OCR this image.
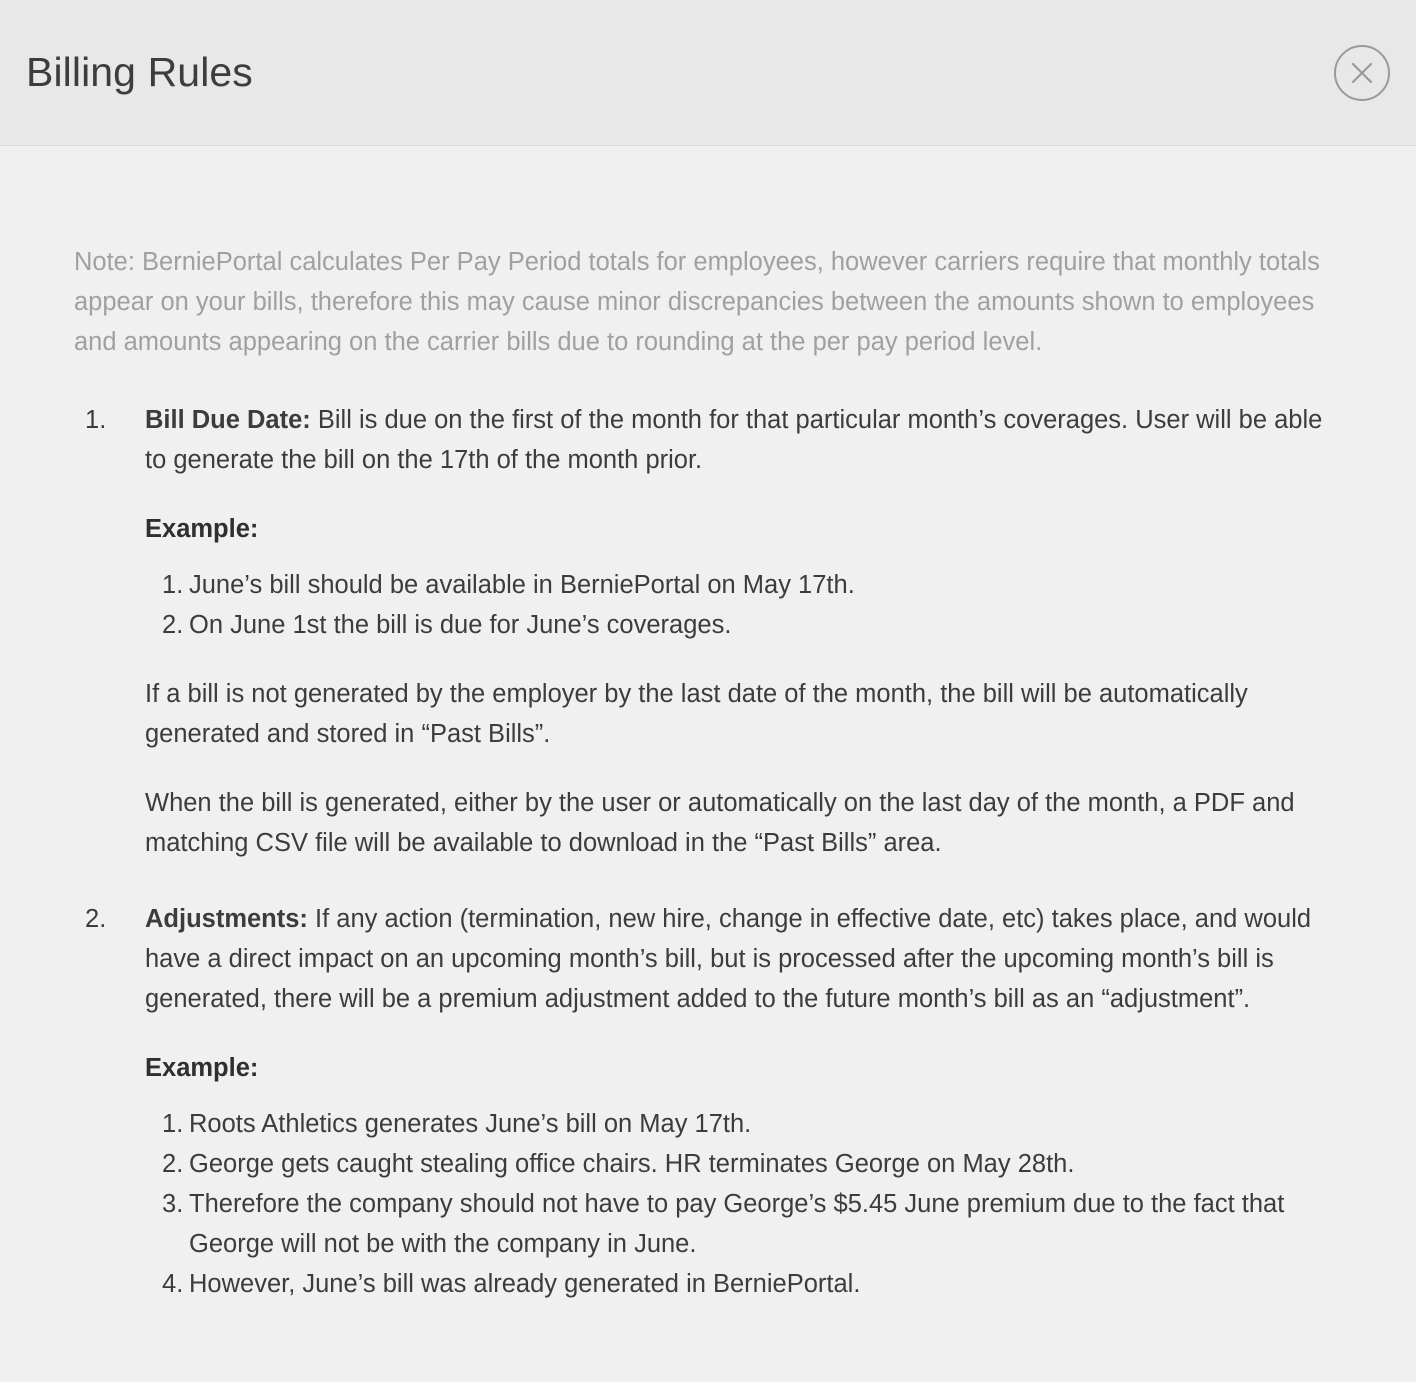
Billing Rules

Note: BerniePortal calculates Per Pay Period totals for employees, however carriers require that monthly totals appear on your bills, therefore this may cause minor discrepancies between the amounts shown to employees and amounts appearing on the carrier bills due to rounding at the per pay period level.

Bill Due Date: Bill is due on the first of the month for that particular month’s coverages. User will be able to generate the bill on the 17th of the month prior.

Example:

June’s bill should be available in BerniePortal on May 17th.
On June 1st the bill is due for June’s coverages.

If a bill is not generated by the employer by the last date of the month, the bill will be automatically generated and stored in “Past Bills”.

When the bill is generated, either by the user or automatically on the last day of the month, a PDF and matching CSV file will be available to download in the “Past Bills” area.

Adjustments: If any action (termination, new hire, change in effective date, etc) takes place, and would have a direct impact on an upcoming month’s bill, but is processed after the upcoming month’s bill is generated, there will be a premium adjustment added to the future month’s bill as an “adjustment”.

Example:

Roots Athletics generates June’s bill on May 17th.
George gets caught stealing office chairs. HR terminates George on May 28th.
Therefore the company should not have to pay George’s $5.45 June premium due to the fact that George will not be with the company in June.
However, June’s bill was already generated in BerniePortal.
